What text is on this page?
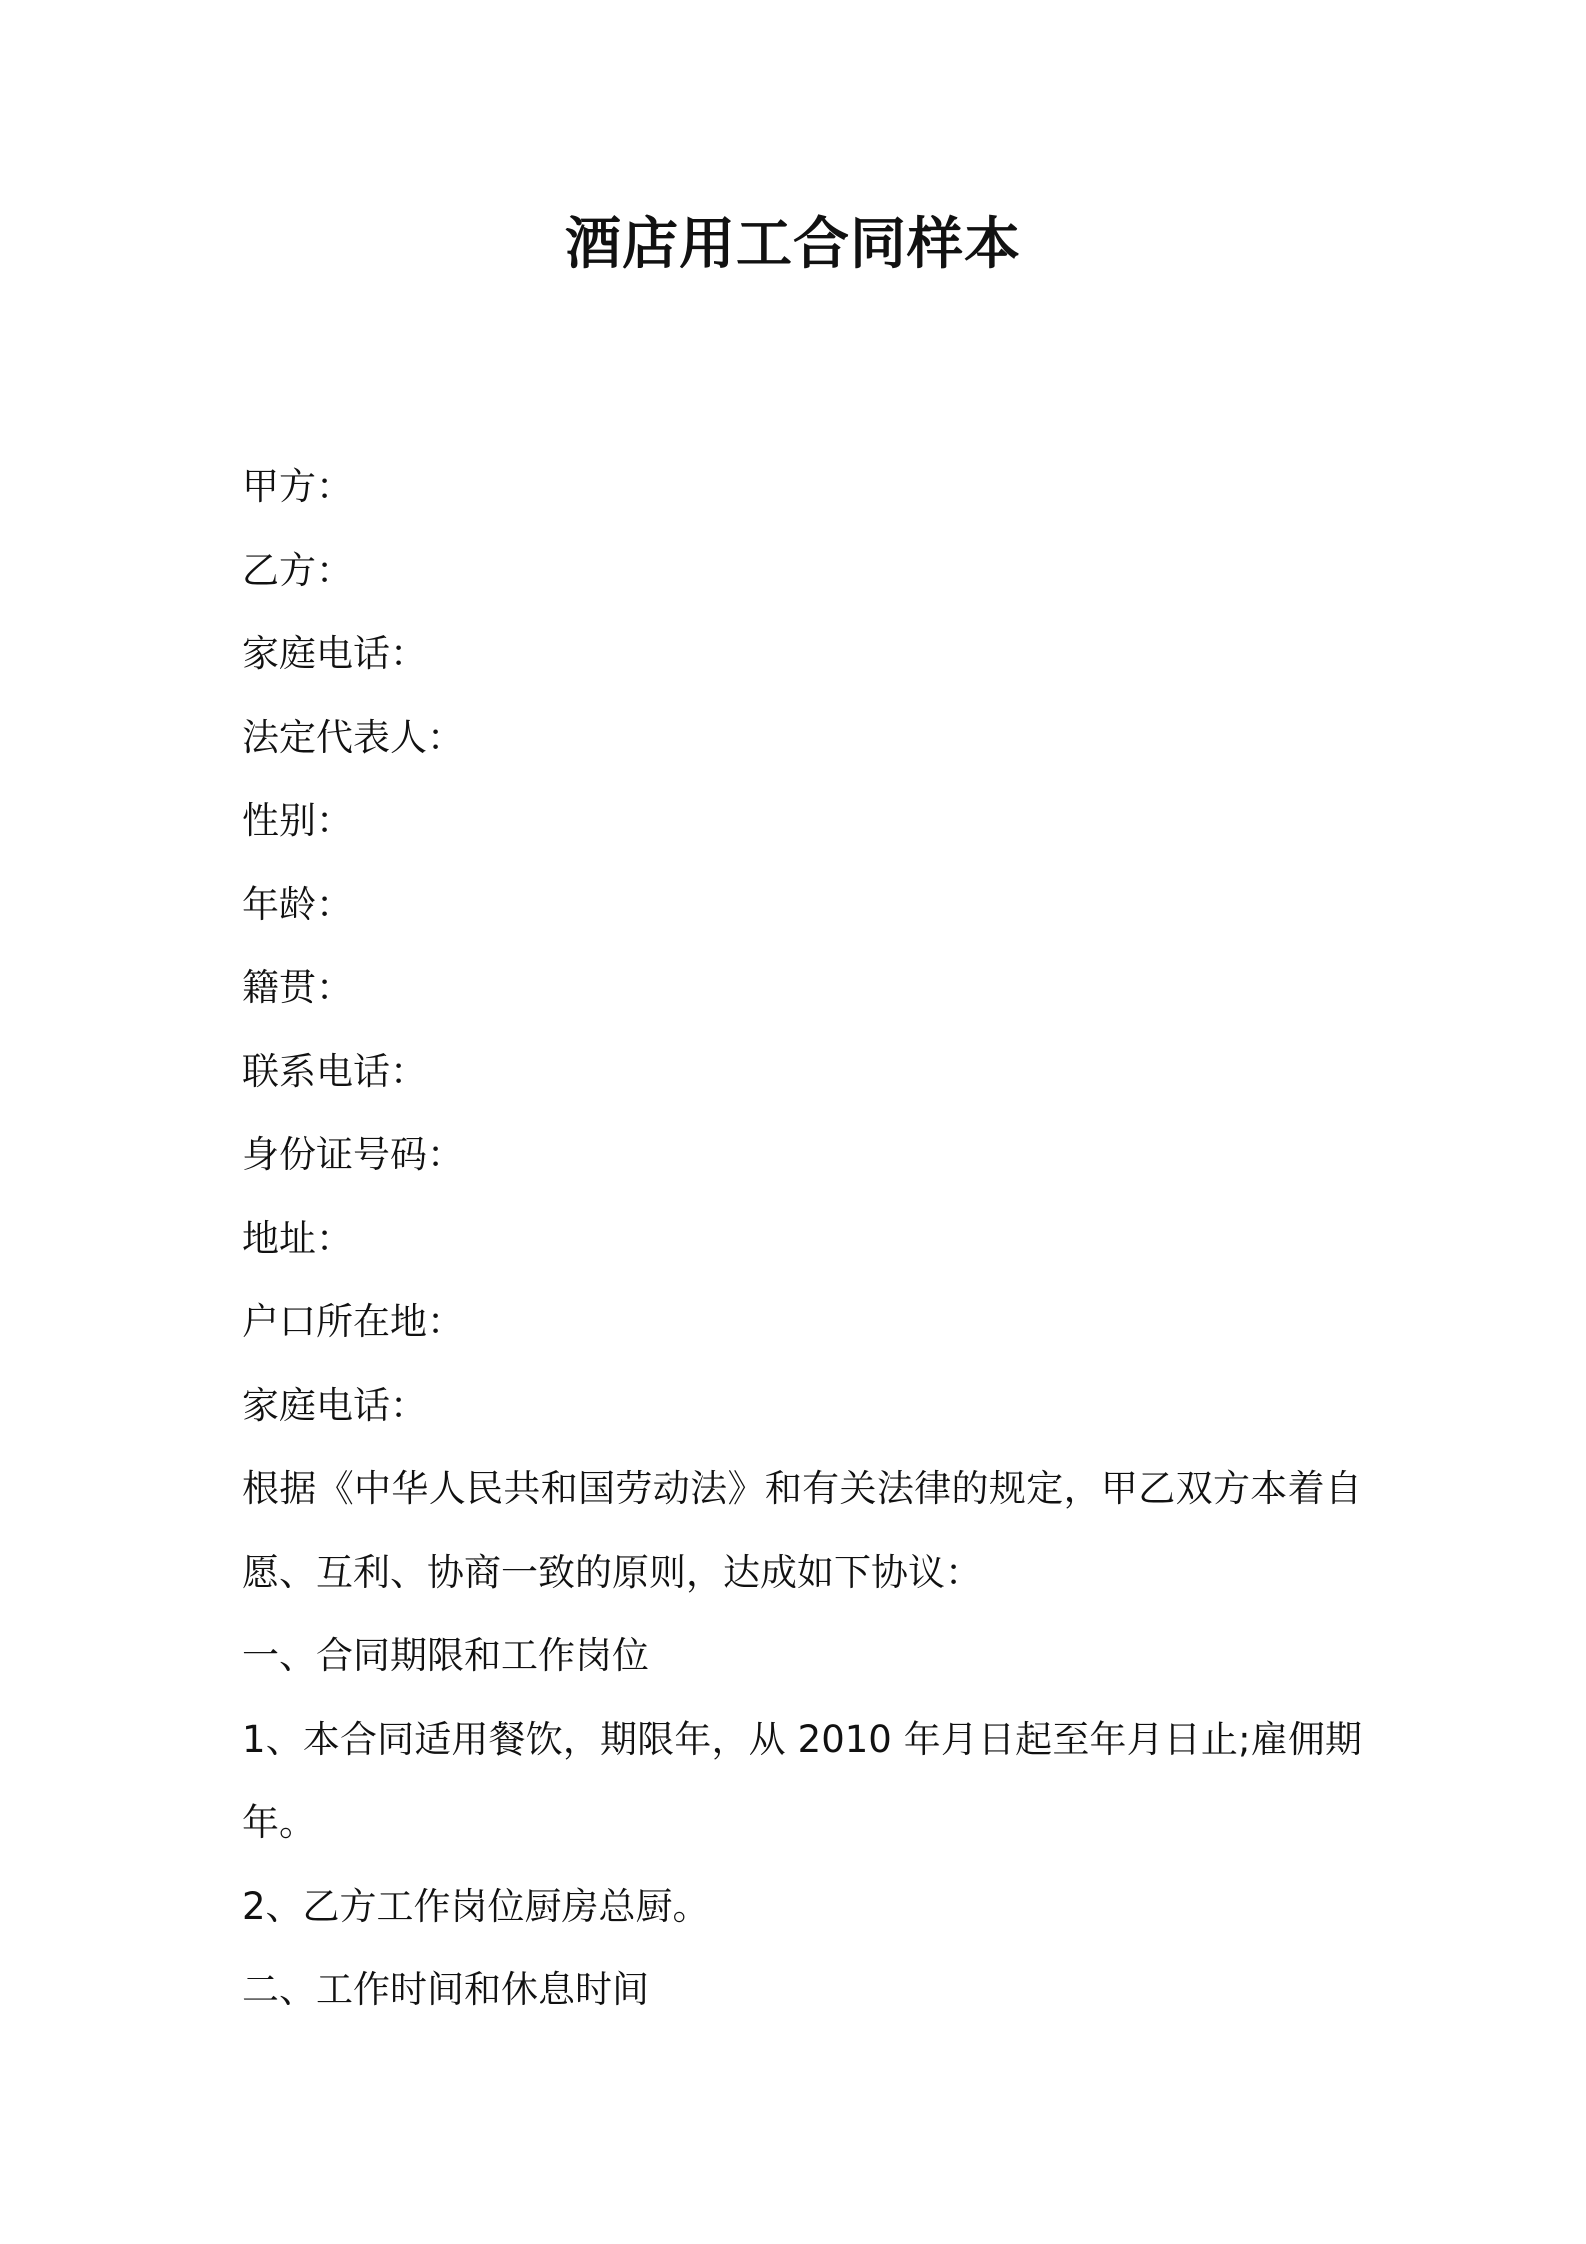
酒店用工合同样本

甲方：

乙方：

家庭电话：

法定代表人：

性别：

年龄：

籍贯：

联系电话：

身份证号码：

地址：

户口所在地：

家庭电话：

根据《中华人民共和国劳动法》和有关法律的规定，甲乙双方本着自愿、互利、协商一致的原则，达成如下协议：

一、合同期限和工作岗位

1、本合同适用餐饮，期限年，从 2010 年月日起至年月日止;雇佣期年。

2、乙方工作岗位厨房总厨。

二、工作时间和休息时间
